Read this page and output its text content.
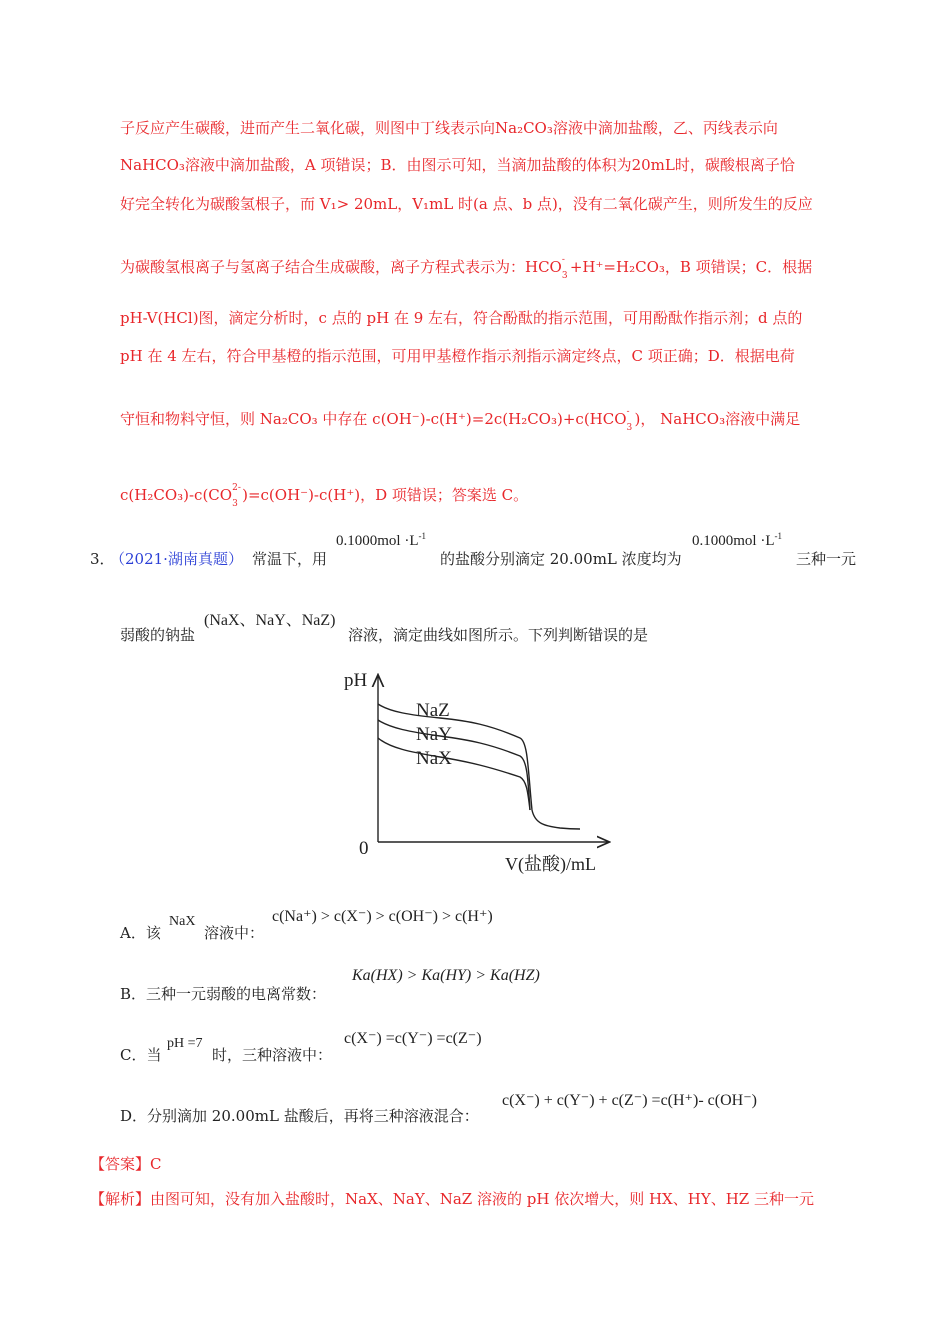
子反应产生碳酸，进而产生二氧化碳，则图中丁线表示向Na₂CO₃溶液中滴加盐酸，乙、丙线表示向
NaHCO₃溶液中滴加盐酸，A 项错误；B．由图示可知，当滴加盐酸的体积为20mL时，碳酸根离子恰
好完全转化为碳酸氢根子，而 V₁> 20mL，V₁mL 时(a 点、b 点)，没有二氧化碳产生，则所发生的反应
为碳酸氢根离子与氢离子结合生成碳酸，离子方程式表示为：HCO -
3 +H⁺=H₂CO₃，B 项错误；C．根据
pH-V(HCl)图，滴定分析时，c 点的 pH 在 9 左右，符合酚酞的指示范围，可用酚酞作指示剂；d 点的
pH 在 4 左右，符合甲基橙的指示范围，可用甲基橙作指示剂指示滴定终点，C 项正确；D．根据电荷
守恒和物料守恒，则 Na₂CO₃ 中存在 c(OH⁻)-c(H⁺)=2c(H₂CO₃)+c(HCO -
3 )， NaHCO₃溶液中满足
c(H₂CO₃)-c(CO 2-
3 )=c(OH⁻)-c(H⁺)，D 项错误；答案选 C。
3．
（2021·湖南真题） 常温下，用
$0.1000mol \cdot L^{-1}$
的盐酸分别滴定 20.00mL 浓度均为
$0.1000mol \cdot L^{-1}$
三种一元
弱酸的钠盐
(NaX、NaY、NaZ)
溶液，滴定曲线如图所示。下列判断错误的是
pH
NaZ
NaY
NaX
0
V(盐酸)/mL
A．该
NaX
溶液中：
c(Na⁺) > c(X⁻) > c(OH⁻) > c(H⁺)
B．三种一元弱酸的电离常数：
Ka(HX) > Ka(HY) > Ka(HZ)
C．当
pH =7
时，三种溶液中：
c(X⁻) =c(Y⁻) =c(Z⁻)
D．分别滴加 20.00mL 盐酸后，再将三种溶液混合：
c(X⁻) + c(Y⁻) + c(Z⁻) =c(H⁺)- c(OH⁻)
【答案】C
【解析】由图可知，没有加入盐酸时，NaX、NaY、NaZ 溶液的 pH 依次增大，则 HX、HY、HZ 三种一元
